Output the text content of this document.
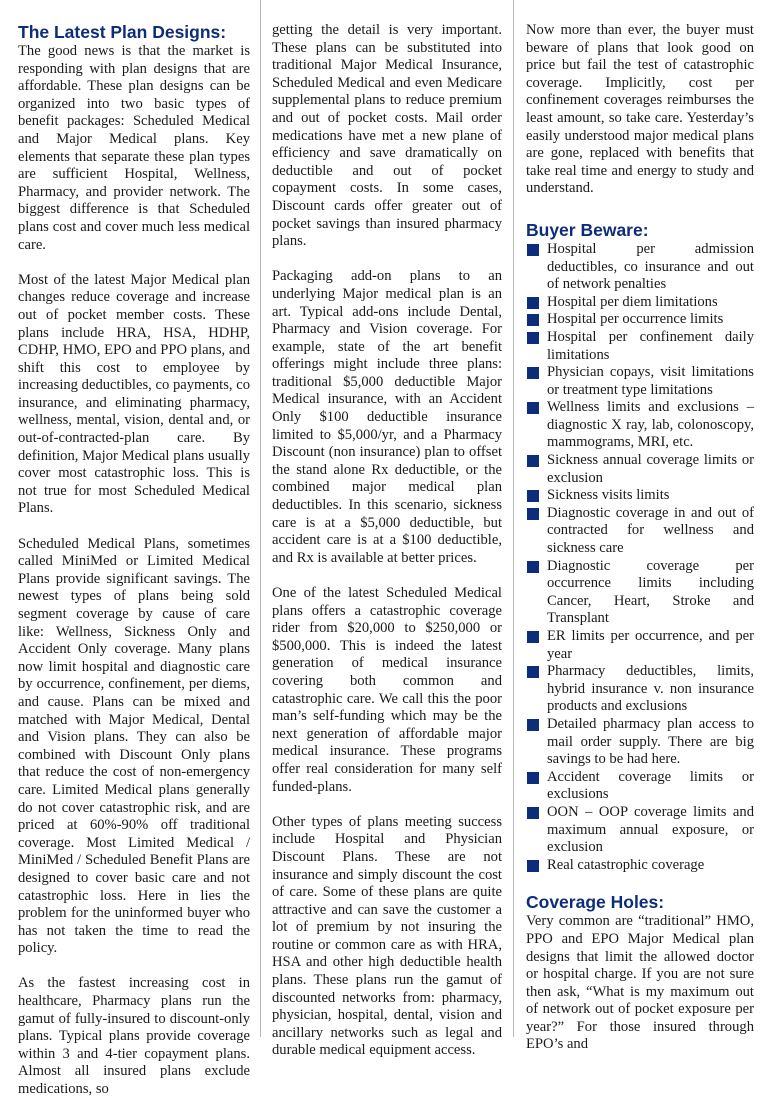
The Latest Plan Designs:

The good news is that the market is responding with plan designs that are affordable. These plan designs can be organized into two basic types of benefit packages: Scheduled Medical and Major Medical plans. Key elements that separate these plan types are sufficient Hospital, Wellness, Pharmacy, and provider network. The biggest difference is that Scheduled plans cost and cover much less medical care.

Most of the latest Major Medical plan changes reduce coverage and increase out of pocket member costs. These plans include HRA, HSA, HDHP, CDHP, HMO, EPO and PPO plans, and shift this cost to employee by increasing deductibles, co payments, co insurance, and eliminating pharmacy, wellness, mental, vision, dental and, or out-of-contracted-plan care. By definition, Major Medical plans usually cover most catastrophic loss. This is not true for most Scheduled Medical Plans.

Scheduled Medical Plans, sometimes called MiniMed or Limited Medical Plans provide significant savings. The newest types of plans being sold segment coverage by cause of care like: Wellness, Sickness Only and Accident Only coverage. Many plans now limit hospital and diagnostic care by occurrence, confinement, per diems, and cause. Plans can be mixed and matched with Major Medical, Dental and Vision plans. They can also be combined with Discount Only plans that reduce the cost of non-emergency care. Limited Medical plans generally do not cover catastrophic risk, and are priced at 60%-90% off traditional coverage. Most Limited Medical / MiniMed / Scheduled Benefit Plans are designed to cover basic care and not catastrophic loss. Here in lies the problem for the uninformed buyer who has not taken the time to read the policy.

As the fastest increasing cost in healthcare, Pharmacy plans run the gamut of fully-insured to discount-only plans. Typical plans provide coverage within 3 and 4-tier copayment plans. Almost all insured plans exclude medications, so

getting the detail is very important. These plans can be substituted into traditional Major Medical Insurance, Scheduled Medical and even Medicare supplemental plans to reduce premium and out of pocket costs. Mail order medications have met a new plane of efficiency and save dramatically on deductible and out of pocket copayment costs. In some cases, Discount cards offer greater out of pocket savings than insured pharmacy plans.

Packaging add-on plans to an underlying Major medical plan is an art. Typical add-ons include Dental, Pharmacy and Vision coverage. For example, state of the art benefit offerings might include three plans: traditional $5,000 deductible Major Medical insurance, with an Accident Only $100 deductible insurance limited to $5,000/yr, and a Pharmacy Discount (non insurance) plan to offset the stand alone Rx deductible, or the combined major medical plan deductibles. In this scenario, sickness care is at a $5,000 deductible, but accident care is at a $100 deductible, and Rx is available at better prices.

One of the latest Scheduled Medical plans offers a catastrophic coverage rider from $20,000 to $250,000 or $500,000. This is indeed the latest generation of medical insurance covering both common and catastrophic care. We call this the poor man’s self-funding which may be the next generation of affordable major medical insurance. These programs offer real consideration for many self funded-plans.

Other types of plans meeting success include Hospital and Physician Discount Plans. These are not insurance and simply discount the cost of care. Some of these plans are quite attractive and can save the customer a lot of premium by not insuring the routine or common care as with HRA, HSA and other high deductible health plans. These plans run the gamut of discounted networks from: pharmacy, physician, hospital, dental, vision and ancillary networks such as legal and durable medical equipment access.

Now more than ever, the buyer must beware of plans that look good on price but fail the test of catastrophic coverage. Implicitly, cost per confinement coverages reimburses the least amount, so take care. Yesterday’s easily understood major medical plans are gone, replaced with benefits that take real time and energy to study and understand.

Buyer Beware:
Hospital per admission deductibles, co insurance and out of network penalties
Hospital per diem limitations
Hospital per occurrence limits
Hospital per confinement daily limitations
Physician copays, visit limitations or treatment type limitations
Wellness limits and exclusions – diagnostic X ray, lab, colonoscopy, mammograms, MRI, etc.
Sickness annual coverage limits or exclusion
Sickness visits limits
Diagnostic coverage in and out of contracted for wellness and sickness care
Diagnostic coverage per occurrence limits including Cancer, Heart, Stroke and Transplant
ER limits per occurrence, and per year
Pharmacy deductibles, limits, hybrid insurance v. non insurance products and exclusions
Detailed pharmacy plan access to mail order supply. There are big savings to be had here.
Accident coverage limits or exclusions
OON – OOP coverage limits and maximum annual exposure, or exclusion
Real catastrophic coverage
Coverage Holes:

Very common are “traditional” HMO, PPO and EPO Major Medical plan designs that limit the allowed doctor or hospital charge. If you are not sure then ask, “What is my maximum out of network out of pocket exposure per year?” For those insured through EPO’s and
